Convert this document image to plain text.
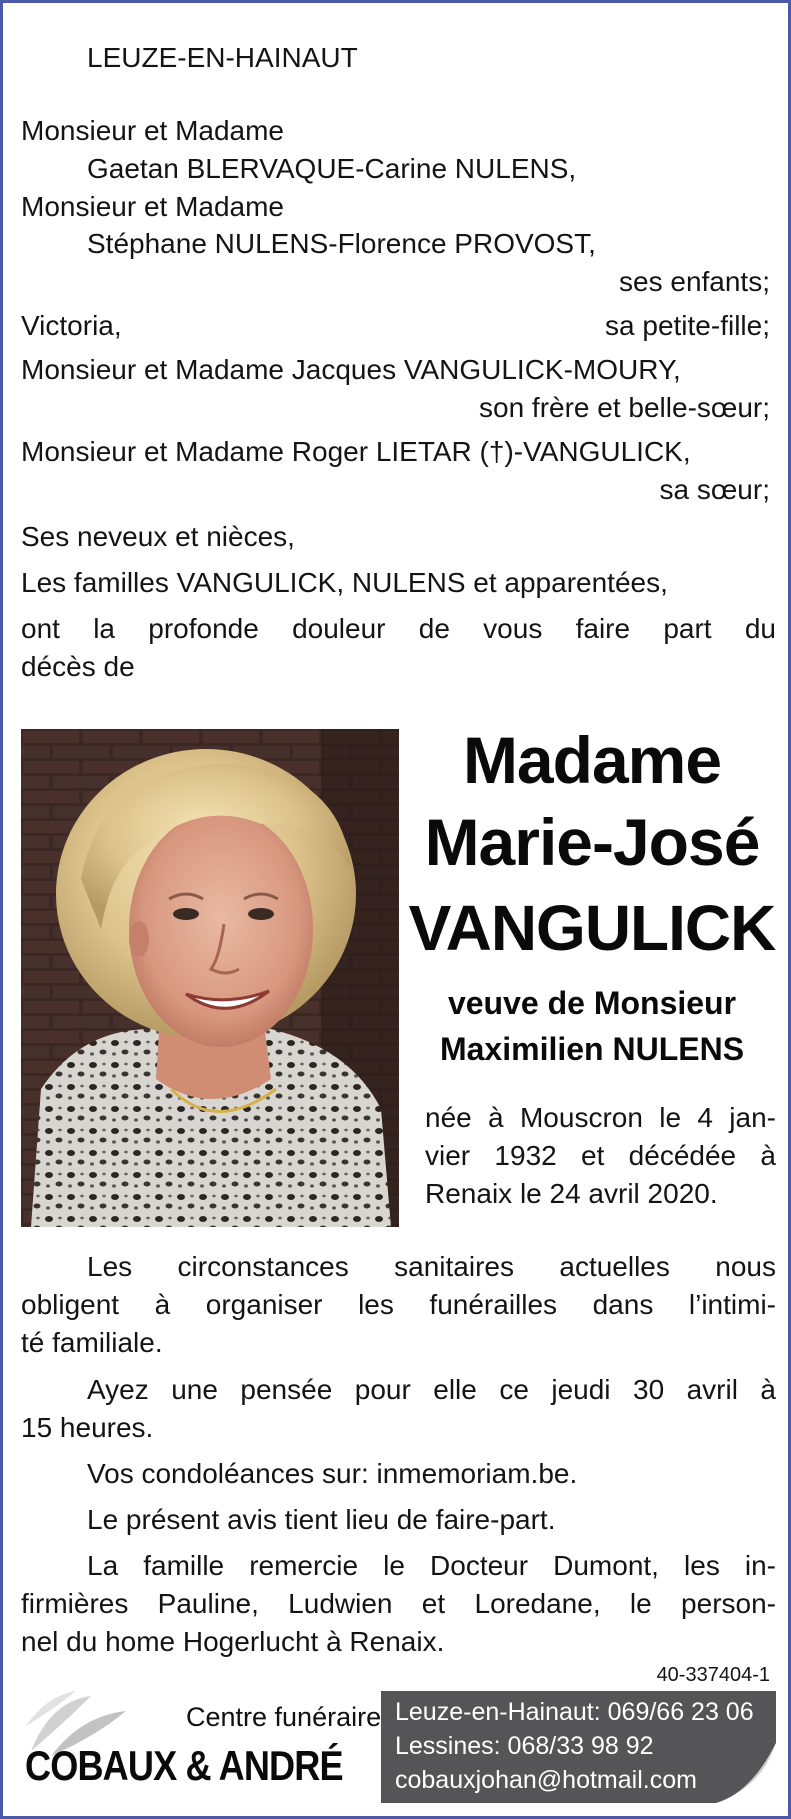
LEUZE-EN-HAINAUT
Monsieur et Madame
Gaetan BLERVAQUE-Carine NULENS,
Monsieur et Madame
Stéphane NULENS-Florence PROVOST,
ses enfants;
Victoria,	sa petite-fille;
Monsieur et Madame Jacques VANGULICK-MOURY,
son frère et belle-sœur;
Monsieur et Madame Roger LIETAR (†)-VANGULICK,
sa sœur;
Ses neveux et nièces,
Les familles VANGULICK, NULENS et apparentées,
ont la profonde douleur de vous faire part du
décès de
Madame
Marie-José
VANGULICK
veuve de Monsieur
Maximilien NULENS
née à Mouscron le 4 jan-
vier 1932 et décédée à
Renaix le 24 avril 2020.
Les circonstances sanitaires actuelles nous
obligent à organiser les funérailles dans l’intimi-
té familiale.
Ayez une pensée pour elle ce jeudi 30 avril à
15 heures.
Vos condoléances sur: inmemoriam.be.
Le présent avis tient lieu de faire-part.
La famille remercie le Docteur Dumont, les in-
firmières Pauline, Ludwien et Loredane, le person-
nel du home Hogerlucht à Renaix.
40-337404-1
Centre funéraire
COBAUX & ANDRÉ
Leuze-en-Hainaut: 069/66 23 06
Lessines: 068/33 98 92
cobauxjohan@hotmail.com
